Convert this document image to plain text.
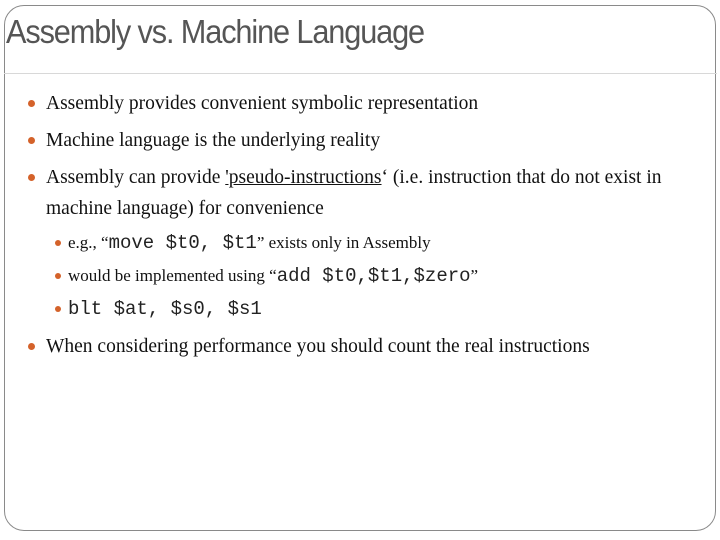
Assembly vs. Machine Language
Assembly provides convenient symbolic representation
Machine language is the underlying reality
Assembly can provide 'pseudo-instructions‘ (i.e. instruction that do not exist in machine language) for convenience
e.g., “move $t0, $t1” exists only in Assembly
would be implemented using “add $t0,$t1,$zero”
blt $at, $s0, $s1
When considering performance you should count the real instructions
